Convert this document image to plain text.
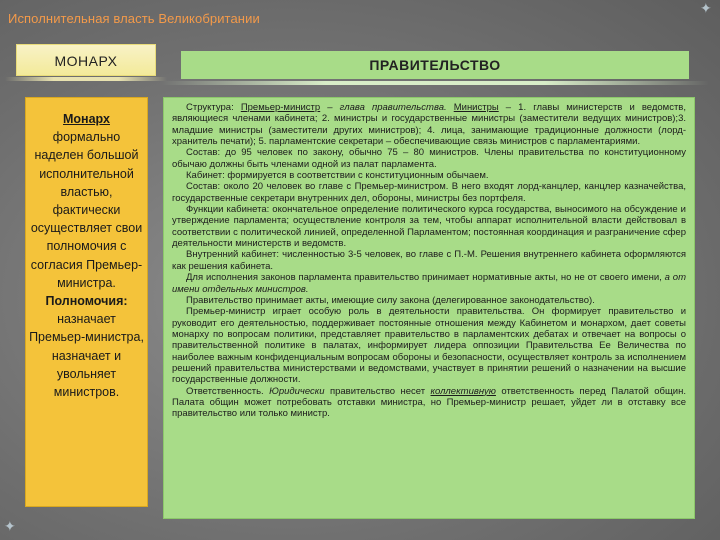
✦
✦
Исполнительная власть Великобритании
МОНАРХ	ПРАВИТЕЛЬСТВО
Монарх формально наделен большой исполнительной властью, фактически осуществляет свои полномочия с согласия Премьер-министра.
Полномочия: назначает Премьер-министра, назначает и увольняет министров.

Структура: Премьер-министр – глава правительства. Министры – 1. главы министерств и ведомств, являющиеся членами кабинета; 2. министры и государственные министры (заместители ведущих министров);3. младшие министры (заместители других министров); 4. лица, занимающие традиционные должности (лорд-хранитель печати); 5. парламентские секретари – обеспечивающие связь министров с парламентариями.

Состав: до 95 человек по закону, обычно 75 – 80 министров. Члены правительства по конституционному обычаю должны быть членами одной из палат парламента.

Кабинет: формируется в соответствии с конституционным обычаем.

Состав: около 20 человек во главе с Премьер-министром. В него входят лорд-канцлер, канцлер казначейства, государственные секретари внутренних дел, обороны, министры без портфеля.

Функции кабинета: окончательное определение политического курса государства, выносимого на обсуждение и утверждение парламента; осуществление контроля за тем, чтобы аппарат исполнительной власти действовал в соответствии с политической линией, определенной Парламентом; постоянная координация и разграничение сфер деятельности министерств и ведомств.

Внутренний кабинет: численностью 3-5 человек, во главе с П.-М. Решения внутреннего кабинета оформляются как решения кабинета.

Для исполнения законов парламента правительство принимает нормативные акты, но не от своего имени, а от имени отдельных министров.

Правительство принимает акты, имеющие силу закона (делегированное законодательство).

Премьер-министр играет особую роль в деятельности правительства. Он формирует правительство и руководит его деятельностью, поддерживает постоянные отношения между Кабинетом и монархом, дает советы монарху по вопросам политики, представляет правительство в парламентских дебатах и отвечает на вопросы о правительственной политике в палатах, информирует лидера оппозиции Правительства Ее Величества по наиболее важным конфиденциальным вопросам обороны и безопасности, осуществляет контроль за исполнением решений правительства министерствами и ведомствами, участвует в принятии решений о назначении на высшие государственные должности.

Ответственность. Юридически правительство несет коллективную ответственность перед Палатой общин. Палата общин может потребовать отставки министра, но Премьер-министр решает, уйдет ли в отставку все правительство или только министр.
